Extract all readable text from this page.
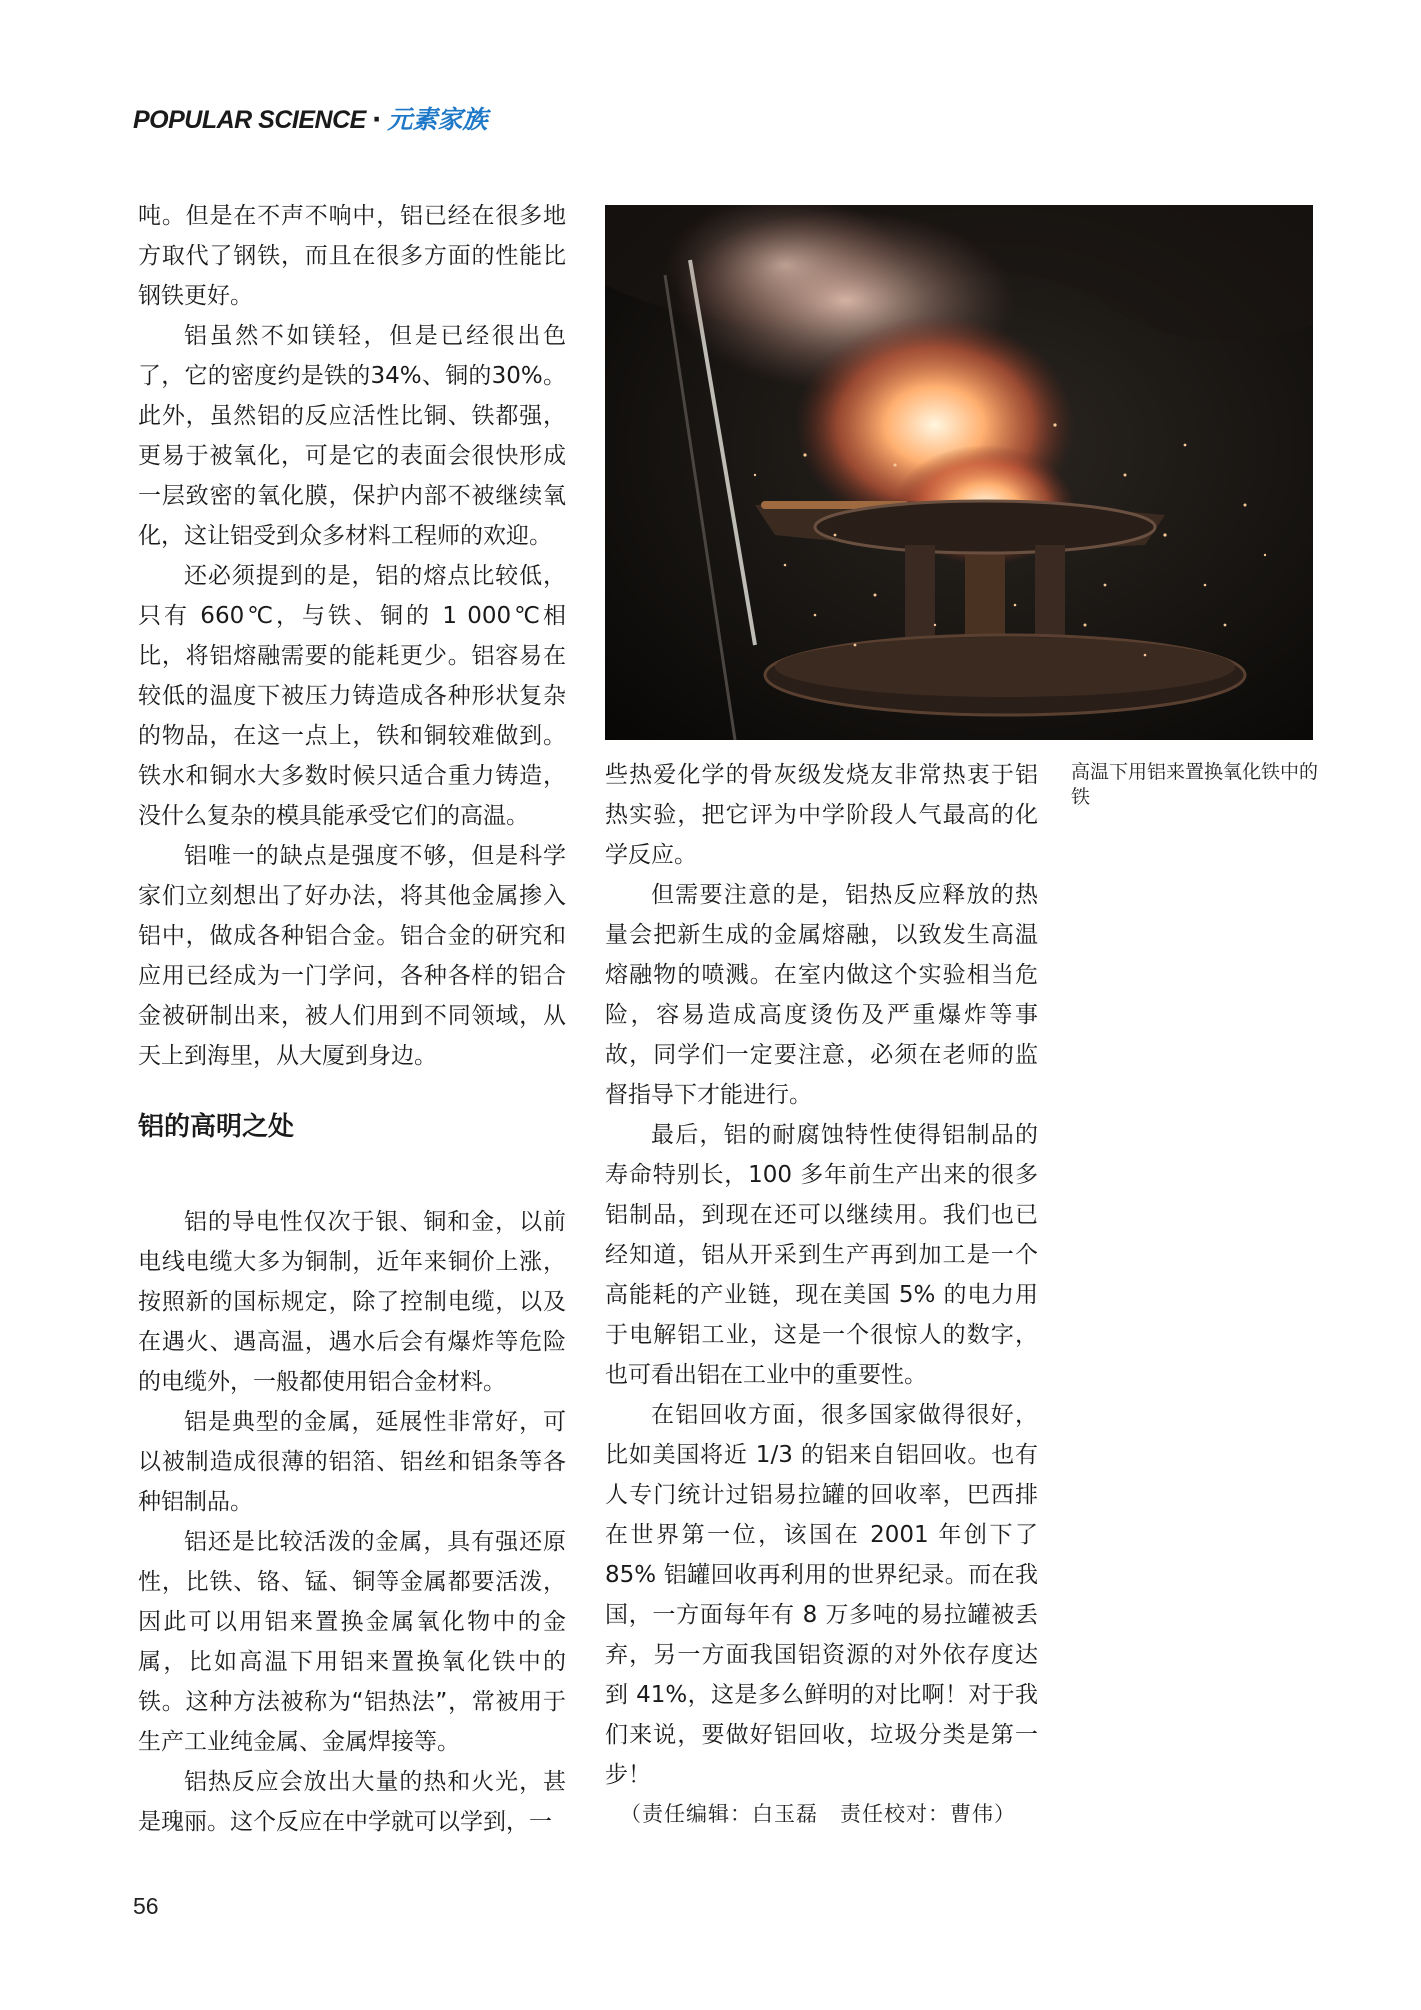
POPULAR SCIENCE · 元素家族

吨。但是在不声不响中，铝已经在很多地方取代了钢铁，而且在很多方面的性能比钢铁更好。

铝虽然不如镁轻，但是已经很出色了，它的密度约是铁的34%、铜的30%。此外，虽然铝的反应活性比铜、铁都强，更易于被氧化，可是它的表面会很快形成一层致密的氧化膜，保护内部不被继续氧化，这让铝受到众多材料工程师的欢迎。

还必须提到的是，铝的熔点比较低，只有 660℃，与铁、铜的 1 000℃相比，将铝熔融需要的能耗更少。铝容易在较低的温度下被压力铸造成各种形状复杂的物品，在这一点上，铁和铜较难做到。铁水和铜水大多数时候只适合重力铸造，没什么复杂的模具能承受它们的高温。

铝唯一的缺点是强度不够，但是科学家们立刻想出了好办法，将其他金属掺入铝中，做成各种铝合金。铝合金的研究和应用已经成为一门学问，各种各样的铝合金被研制出来，被人们用到不同领域，从天上到海里，从大厦到身边。

铝的高明之处

铝的导电性仅次于银、铜和金，以前电线电缆大多为铜制，近年来铜价上涨，按照新的国标规定，除了控制电缆，以及在遇火、遇高温，遇水后会有爆炸等危险的电缆外，一般都使用铝合金材料。

铝是典型的金属，延展性非常好，可以被制造成很薄的铝箔、铝丝和铝条等各种铝制品。

铝还是比较活泼的金属，具有强还原性，比铁、铬、锰、铜等金属都要活泼，因此可以用铝来置换金属氧化物中的金属，比如高温下用铝来置换氧化铁中的铁。这种方法被称为“铝热法”，常被用于生产工业纯金属、金属焊接等。

铝热反应会放出大量的热和火光，甚是瑰丽。这个反应在中学就可以学到，一

高温下用铝来置换氧化铁中的铁

些热爱化学的骨灰级发烧友非常热衷于铝热实验，把它评为中学阶段人气最高的化学反应。

但需要注意的是，铝热反应释放的热量会把新生成的金属熔融，以致发生高温熔融物的喷溅。在室内做这个实验相当危险，容易造成高度烫伤及严重爆炸等事故，同学们一定要注意，必须在老师的监督指导下才能进行。

最后，铝的耐腐蚀特性使得铝制品的寿命特别长，100 多年前生产出来的很多铝制品，到现在还可以继续用。我们也已经知道，铝从开采到生产再到加工是一个高能耗的产业链，现在美国 5% 的电力用于电解铝工业，这是一个很惊人的数字，也可看出铝在工业中的重要性。

在铝回收方面，很多国家做得很好，比如美国将近 1/3 的铝来自铝回收。也有人专门统计过铝易拉罐的回收率，巴西排在世界第一位，该国在 2001 年创下了 85% 铝罐回收再利用的世界纪录。而在我国，一方面每年有 8 万多吨的易拉罐被丢弃，另一方面我国铝资源的对外依存度达到 41%，这是多么鲜明的对比啊！对于我们来说，要做好铝回收，垃圾分类是第一步！

（责任编辑：白玉磊　责任校对：曹伟）
56
